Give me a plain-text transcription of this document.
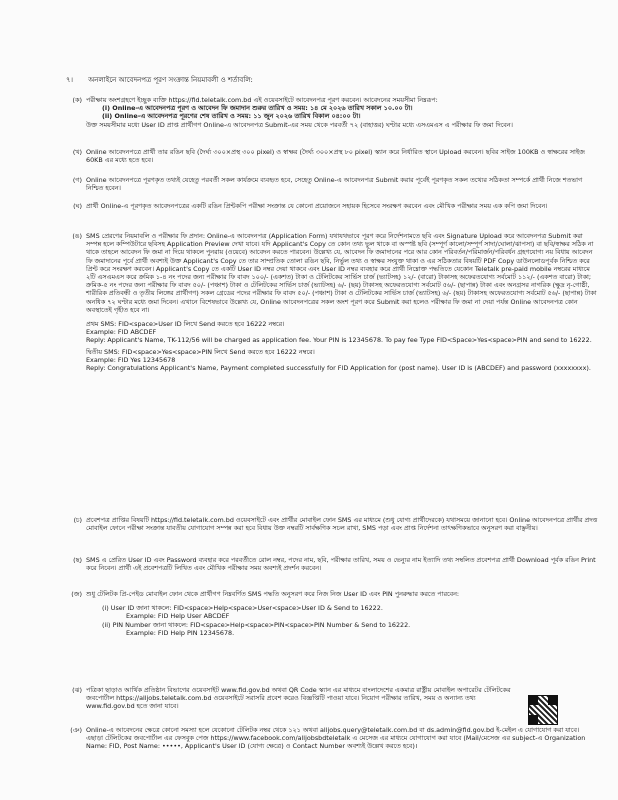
৭। অনলাইনে আবেদনপত্র পূরণ সংক্রান্ত নিয়মাবলী ও শর্তাবলি:
(ক) পরীক্ষায় অংশগ্রহণে ইচ্ছুক ব্যক্তি https://fid.teletalk.com.bd এই ওয়েবসাইটে আবেদনপত্র পূরণ করবেন। আবেদনের সময়সীমা নিম্নরূপ:

(i) Online-এ আবেদনপত্র পূরণ ও আবেদন ফি জমাদান শুরুর তারিখ ও সময়: ১৪ মে ২০২৬ তারিখ সকাল ১০.০০ টা।

(ii) Online-এ আবেদনপত্র পূরণের শেষ তারিখ ও সময়: ১১ জুন ২০২৬ তারিখ বিকাল ০৪:০০ টা।

উক্ত সময়সীমার মধ্যে User ID প্রাপ্ত প্রার্থীগণ Online-এ আবেদনপত্র Submit-এর সময় থেকে পরবর্তী ৭২ (বাহাত্তর) ঘণ্টার মধ্যে এসএমএস এ পরীক্ষার ফি জমা দিবেন।

(খ) Online আবেদনপত্রে প্রার্থী তার রঙিন ছবি (দৈর্ঘ্য ৩০০×প্রস্থ ৩০০ pixel) ও স্বাক্ষর (দৈর্ঘ্য ৩০০×প্রস্থ ৮০ pixel) স্ক্যান করে নির্ধারিত স্থানে Upload করবেন। ছবির সাইজ 100KB ও স্বাক্ষরের সাইজ 60KB এর মধ্যে হতে হবে।

(গ) Online আবেদনপত্রে পূরণকৃত তথ্যই যেহেতু পরবর্তী সকল কার্যক্রমে ব্যবহৃত হবে, সেহেতু Online-এ আবেদনপত্র Submit করার পূর্বেই পূরণকৃত সকল তথ্যের সঠিকতা সম্পর্কে প্রার্থী নিজে শতভাগ নিশ্চিত হবেন।

(ঘ) প্রার্থী Online-এ পূরণকৃত আবেদনপত্রের একটি রঙিন প্রিন্টকপি পরীক্ষা সংক্রান্ত যে কোনো প্রয়োজনে সহায়ক হিসেবে সংরক্ষণ করবেন এবং মৌখিক পরীক্ষার সময় এক কপি জমা দিবেন।

(ঙ) SMS প্রেরণের নিয়মাবলি ও পরীক্ষার ফি প্রদান: Online-এ আবেদনপত্র (Application Form) যথাযথভাবে পূরণ করে নির্দেশনামতে ছবি এবং Signature Upload করে আবেদনপত্র Submit করা সম্পন্ন হলে কম্পিউটারে ছবিসহ Application Preview দেখা যাবে। যদি Applicant's Copy তে কোন তথ্য ভুল থাকে বা অস্পষ্ট ছবি (সম্পূর্ণ কালো/সম্পূর্ণ সাদা/ঘোলা/ঝাপসা) বা ছবি/স্বাক্ষর সঠিক না থাকে তাহলে আবেদন ফি জমা না দিয়ে থাকলে পুনরায় (ওয়েবে) আবেদন করতে পারবেন। উল্লেখ্য যে, আবেদন ফি জমাদানের পরে আর কোন পরিবর্তন/পরিমার্জন/পরিবর্ধন গ্রহণযোগ্য নয় বিধায় আবেদন ফি জমাদানের পূর্বে প্রার্থী অবশ্যই উক্ত Applicant's Copy তে তার সাম্প্রতিক তোলা রঙিন ছবি, নির্ভুল তথ্য ও স্বাক্ষর সংযুক্ত থাকা ও এর সঠিকতার বিষয়টি PDF Copy ডাউনলোডপূর্বক নিশ্চিত করে প্রিন্ট করে সংরক্ষণ করবেন। Applicant's Copy তে একটি User ID নম্বর দেয়া থাকবে এবং User ID নম্বর ব্যবহার করে প্রার্থী নিম্নোক্ত পদ্ধতিতে যেকোন Teletalk pre-paid mobile নম্বরের মাধ্যমে ২টি এসএমএস করে ক্রমিক ১-৪ নং পদের জন্য পরীক্ষার ফি বাবদ ১০০/- (একশত) টাকা ও টেলিটকের সার্ভিস চার্জ (ভ্যাটসহ) ১২/- (বারো) টাকাসহ অফেরতযোগ্য সর্বমোট ১১২/- (একশত বারো) টাকা; ক্রমিক-৫ নং পদের জন্য পরীক্ষার ফি বাবদ ৫০/- (পঞ্চাশ) টাকা ও টেলিটকের সার্ভিস চার্জ (ভ্যাটসহ) ৬/- (ছয়) টাকাসহ অফেরতযোগ্য সর্বমোট ৫৬/- (ছাপান্ন) টাকা এবং অনগ্রসর নাগরিক (ক্ষুদ্র নৃ-গোষ্ঠী, শারীরিক প্রতিবন্ধী ও তৃতীয় লিঙ্গের প্রার্থীগণ) সকল গ্রেডের পদের পরীক্ষার ফি বাবদ ৫০/- (পঞ্চাশ) টাকা ও টেলিটকের সার্ভিস চার্জ (ভ্যাটসহ) ৬/- (ছয়) টাকাসহ অফেরতযোগ্য সর্বমোট ৫৬/- (ছাপান্ন) টাকা অনধিক ৭২ ঘণ্টার মধ্যে জমা দিবেন। এখানে বিশেষভাবে উল্লেখ্য যে, Online আবেদনপত্রের সকল অংশ পূরণ করে Submit করা হলেও পরীক্ষার ফি জমা না দেয়া পর্যন্ত Online আবেদনপত্র কোন অবস্থাতেই গৃহীত হবে না।

প্রথম SMS: FID<space>User ID লিখে Send করতে হবে 16222 নম্বরে।

Example: FID ABCDEF

Reply: Applicant's Name, TK-112/56 will be charged as application fee. Your PIN is 12345678. To pay fee Type FID<Space>Yes<space>PIN and send to 16222.

দ্বিতীয় SMS: FID<space>Yes<space>PIN লিখে Send করতে হবে 16222 নম্বরে।

Example: FID Yes 12345678

Reply: Congratulations Applicant's Name, Payment completed successfully for FID Application for (post name). User ID is (ABCDEF) and password (xxxxxxxx).

(চ) প্রবেশপত্র প্রাপ্তির বিষয়টি https://fid.teletalk.com.bd ওয়েবসাইটে এবং প্রার্থীর মোবাইল ফোন SMS এর মাধ্যমে (শুধু যোগ্য প্রার্থীদেরকে) যথাসময়ে জানানো হবে। Online আবেদনপত্রে প্রার্থীর প্রদত্ত মোবাইল ফোনে পরীক্ষা সংক্রান্ত যাবতীয় যোগাযোগ সম্পন্ন করা হবে বিধায় উক্ত নম্বরটি সার্বক্ষণিক সচল রাখা, SMS পড়া এবং প্রাপ্ত নির্দেশনা তাৎক্ষণিকভাবে অনুসরণ করা বাঞ্ছনীয়।

(ছ) SMS এ প্রেরিত User ID এবং Password ব্যবহার করে পরবর্তীতে রোল নম্বর, পদের নাম, ছবি, পরীক্ষার তারিখ, সময় ও ভেন্যুর নাম ইত্যাদি তথ্য সম্বলিত প্রবেশপত্র প্রার্থী Download পূর্বক রঙিন Print করে নিবেন। প্রার্থী এই প্রবেশপত্রটি লিখিত এবং মৌখিক পরীক্ষার সময় অবশ্যই প্রদর্শন করবেন।

(জ) শুধু টেলিটক প্রি-পেইড মোবাইল ফোন থেকে প্রার্থীগণ নিম্নবর্ণিত SMS পদ্ধতি অনুসরণ করে নিজ নিজ User ID এবং PIN পুনরুদ্ধার করতে পারবেন:

(i) User ID জানা থাকলে: FID<space>Help<space>User<space>User ID & Send to 16222.

Example: FID Help User ABCDEF

(ii) PIN Number জানা থাকলে: FID<space>Help<space>PIN<space>PIN Number & Send to 16222.

Example: FID Help PIN 12345678.

(ঝ) পত্রিকা ছাড়াও আর্থিক প্রতিষ্ঠান বিভাগের ওয়েবসাইট www.fid.gov.bd অথবা QR Code স্ক্যান এর মাধ্যমে বাংলাদেশের একমাত্র রাষ্ট্রীয় মোবাইল অপারেটর টেলিটকের জবপোর্টাল https://alljobs.teletalk.com.bd ওয়েবসাইটে সরাসরি প্রবেশ করেও বিজ্ঞপ্তিটি পাওয়া যাবে। নিয়োগ পরীক্ষার তারিখ, সময় ও অন্যান্য তথ্য www.fid.gov.bd হতে জানা যাবে।

(ঞ) Online-এ আবেদনের ক্ষেত্রে কোনো সমস্যা হলে যেকোনো টেলিটক নম্বর থেকে ১২১ অথবা alljobs.query@teletalk.com.bd বা ds.admin@fid.gov.bd ই-মেইল এ যোগাযোগ করা যাবে। এছাড়া টেলিটকের জবপোর্টাল এর ফেসবুক পেজ https://www.facebook.com/alljobsbdteletalk এ মেসেজ এর মাধ্যমে যোগাযোগ করা যাবে (Mail/মেসেজ এর subject-এ Organization Name: FID, Post Name: •••••, Applicant's User ID (যোগ্য ক্ষেত্রে) ও Contact Number অবশ্যই উল্লেখ করতে হবে)।
